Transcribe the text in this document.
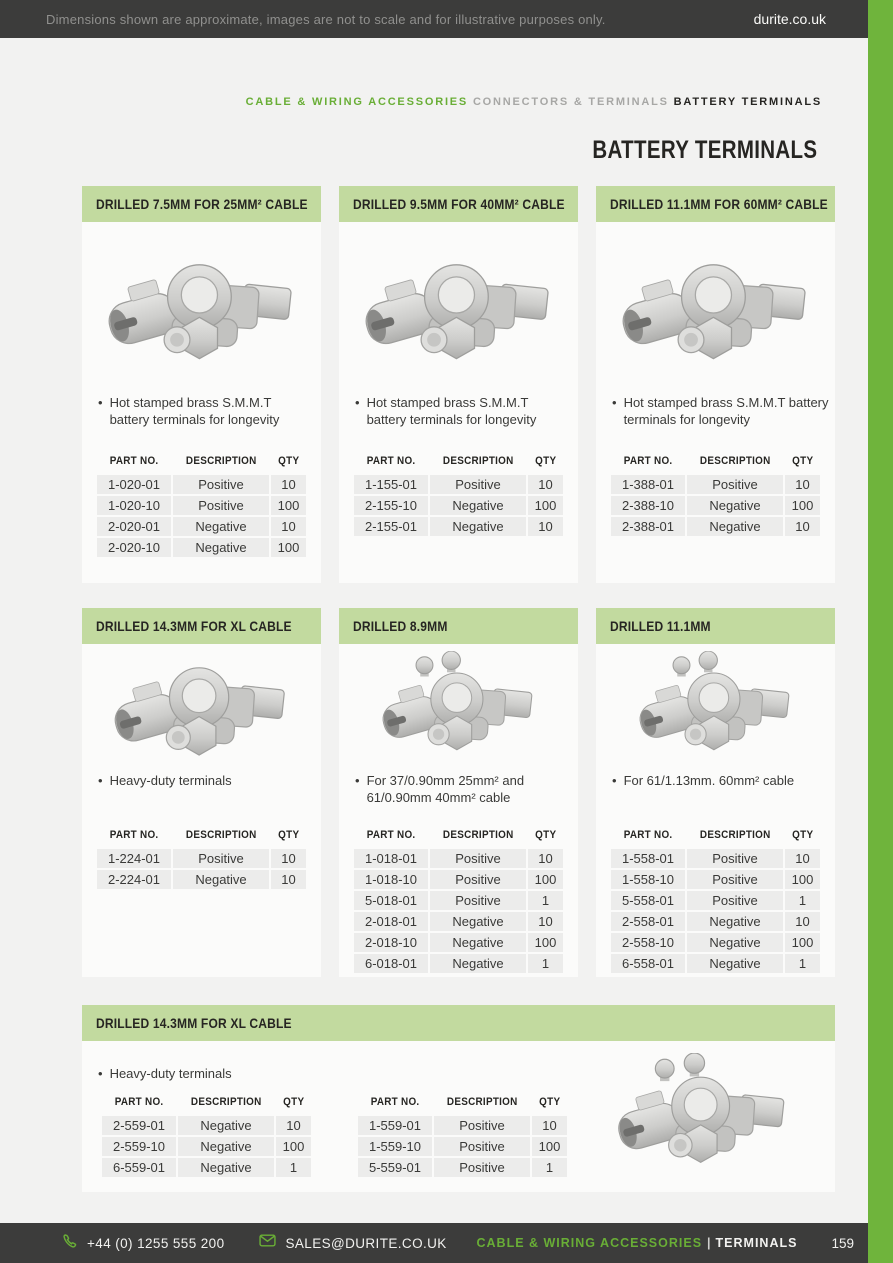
Dimensions shown are approximate, images are not to scale and for illustrative purposes only.	durite.co.uk
CABLE & WIRING ACCESSORIES CONNECTORS & TERMINALS BATTERY TERMINALS
BATTERY TERMINALS
DRILLED 7.5MM FOR 25MM² CABLE
• Hot stamped brass S.M.M.T battery terminals for longevity
PART NO.	DESCRIPTION	QTY
1-020-01	Positive	10
1-020-10	Positive	100
2-020-01	Negative	10
2-020-10	Negative	100
DRILLED 9.5MM FOR 40MM² CABLE
• Hot stamped brass S.M.M.T battery terminals for longevity
PART NO.	DESCRIPTION	QTY
1-155-01	Positive	10
2-155-10	Negative	100
2-155-01	Negative	10
DRILLED 11.1MM FOR 60MM² CABLE
• Hot stamped brass S.M.M.T battery terminals for longevity
PART NO.	DESCRIPTION	QTY
1-388-01	Positive	10
2-388-10	Negative	100
2-388-01	Negative	10
DRILLED 14.3MM FOR XL CABLE
• Heavy-duty terminals
PART NO.	DESCRIPTION	QTY
1-224-01	Positive	10
2-224-01	Negative	10
DRILLED 8.9MM
• For 37/0.90mm 25mm² and 61/0.90mm 40mm² cable
PART NO.	DESCRIPTION	QTY
1-018-01	Positive	10
1-018-10	Positive	100
5-018-01	Positive	1
2-018-01	Negative	10
2-018-10	Negative	100
6-018-01	Negative	1
DRILLED 11.1MM
• For 61/1.13mm. 60mm² cable
PART NO.	DESCRIPTION	QTY
1-558-01	Positive	10
1-558-10	Positive	100
5-558-01	Positive	1
2-558-01	Negative	10
2-558-10	Negative	100
6-558-01	Negative	1
DRILLED 14.3MM FOR XL CABLE
• Heavy-duty terminals
PART NO.	DESCRIPTION	QTY
2-559-01	Negative	10
2-559-10	Negative	100
6-559-01	Negative	1
PART NO.	DESCRIPTION	QTY
1-559-01	Positive	10
1-559-10	Positive	100
5-559-01	Positive	1
+44 (0) 1255 555 200	SALES@DURITE.CO.UK CABLE & WIRING ACCESSORIES | TERMINALS	159
